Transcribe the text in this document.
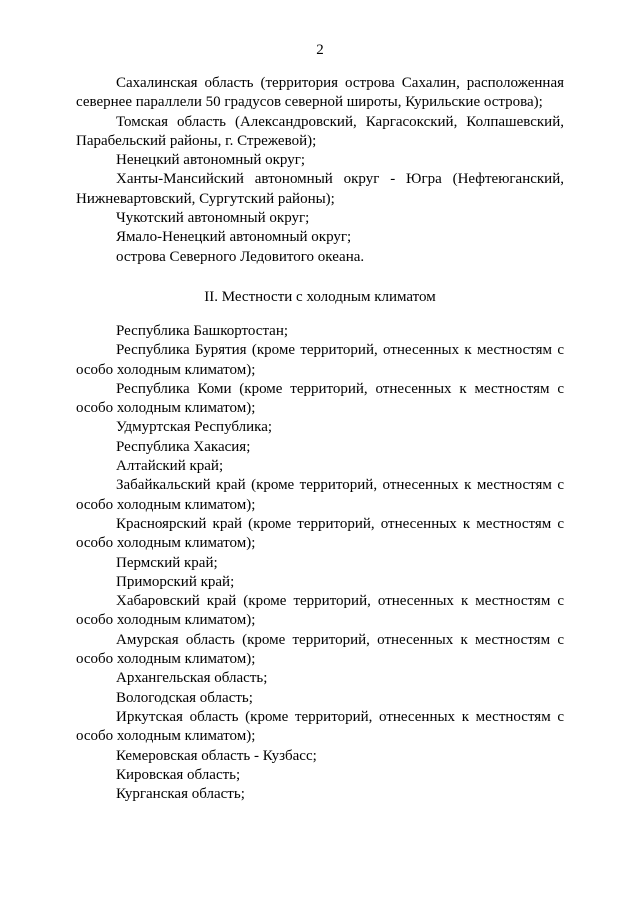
2

Сахалинская область (территория острова Сахалин, расположенная севернее параллели 50 градусов северной широты, Курильские острова);

Томская область (Александровский, Каргасокский, Колпашевский, Парабельский районы, г. Стрежевой);

Ненецкий автономный округ;

Ханты-Мансийский автономный округ - Югра (Нефтеюганский, Нижневартовский, Сургутский районы);

Чукотский автономный округ;

Ямало-Ненецкий автономный округ;

острова Северного Ледовитого океана.

II. Местности с холодным климатом

Республика Башкортостан;

Республика Бурятия (кроме территорий, отнесенных к местностям с особо холодным климатом);

Республика Коми (кроме территорий, отнесенных к местностям с особо холодным климатом);

Удмуртская Республика;

Республика Хакасия;

Алтайский край;

Забайкальский край (кроме территорий, отнесенных к местностям с особо холодным климатом);

Красноярский край (кроме территорий, отнесенных к местностям с особо холодным климатом);

Пермский край;

Приморский край;

Хабаровский край (кроме территорий, отнесенных к местностям с особо холодным климатом);

Амурская область (кроме территорий, отнесенных к местностям с особо холодным климатом);

Архангельская область;

Вологодская область;

Иркутская область (кроме территорий, отнесенных к местностям с особо холодным климатом);

Кемеровская область - Кузбасс;

Кировская область;

Курганская область;
